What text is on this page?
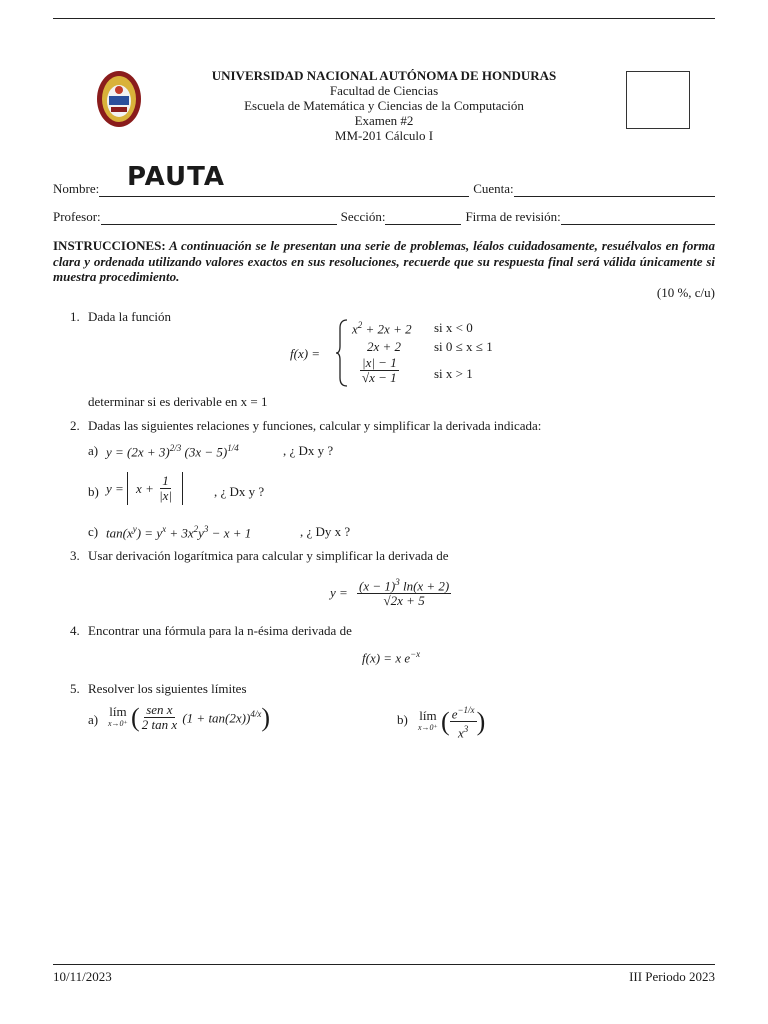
UNIVERSIDAD NACIONAL AUTÓNOMA DE HONDURAS
Facultad de Ciencias
Escuela de Matemática y Ciencias de la Computación
Examen #2
MM-201 Cálculo I
Nombre:	Cuenta:
PAUTA
Profesor:	Sección:	Firma de revisión:
INSTRUCCIONES: A continuación se le presentan una serie de problemas, léalos cuidadosamente, resuélvalos en forma clara y ordenada utilizando valores exactos en sus resoluciones, recuerde que su respuesta final será válida únicamente si muestra procedimiento.
(10 %, c/u)
1. Dada la función
f(x) =
$x^2 + 2x + 2$ si x < 0
2x + 2	si 0 ≤ x ≤ 1
$\frac{|x| - 1}{√x - 1}$	si x > 1
determinar si es derivable en x = 1
2. Dadas las siguientes relaciones y funciones, calcular y simplificar la derivada indicada:
a) $y = (2x + 3)^{2/3}$ $(3x - 5)^{1/4}$	, ¿ Dx y ?
b) $y = x + \frac{1}{|x|}$	, ¿ Dx y ?
c) $\tan(x^y) = y^x + 3x^2y^3 - x + 1$	, ¿ Dy x ?
3. Usar derivación logarítmica para calcular y simplificar la derivada de
$y = \frac{(x - 1)^3 \ln(x + 2)}{√2x + 5}$
4. Encontrar una fórmula para la n-ésima derivada de
f(x) = x $e^{-x}$
5. Resolver los siguientes límites
a)
lím
x→0⁺
( $\frac{\text{sen x}}{\text{2 tan x}}$
$(1 + \tan(2x))^{4/x}$ )	b) lím
x→0⁺
( $\frac{e^{-1/x}}{x^3}$ )
10/11/2023	III Periodo 2023
